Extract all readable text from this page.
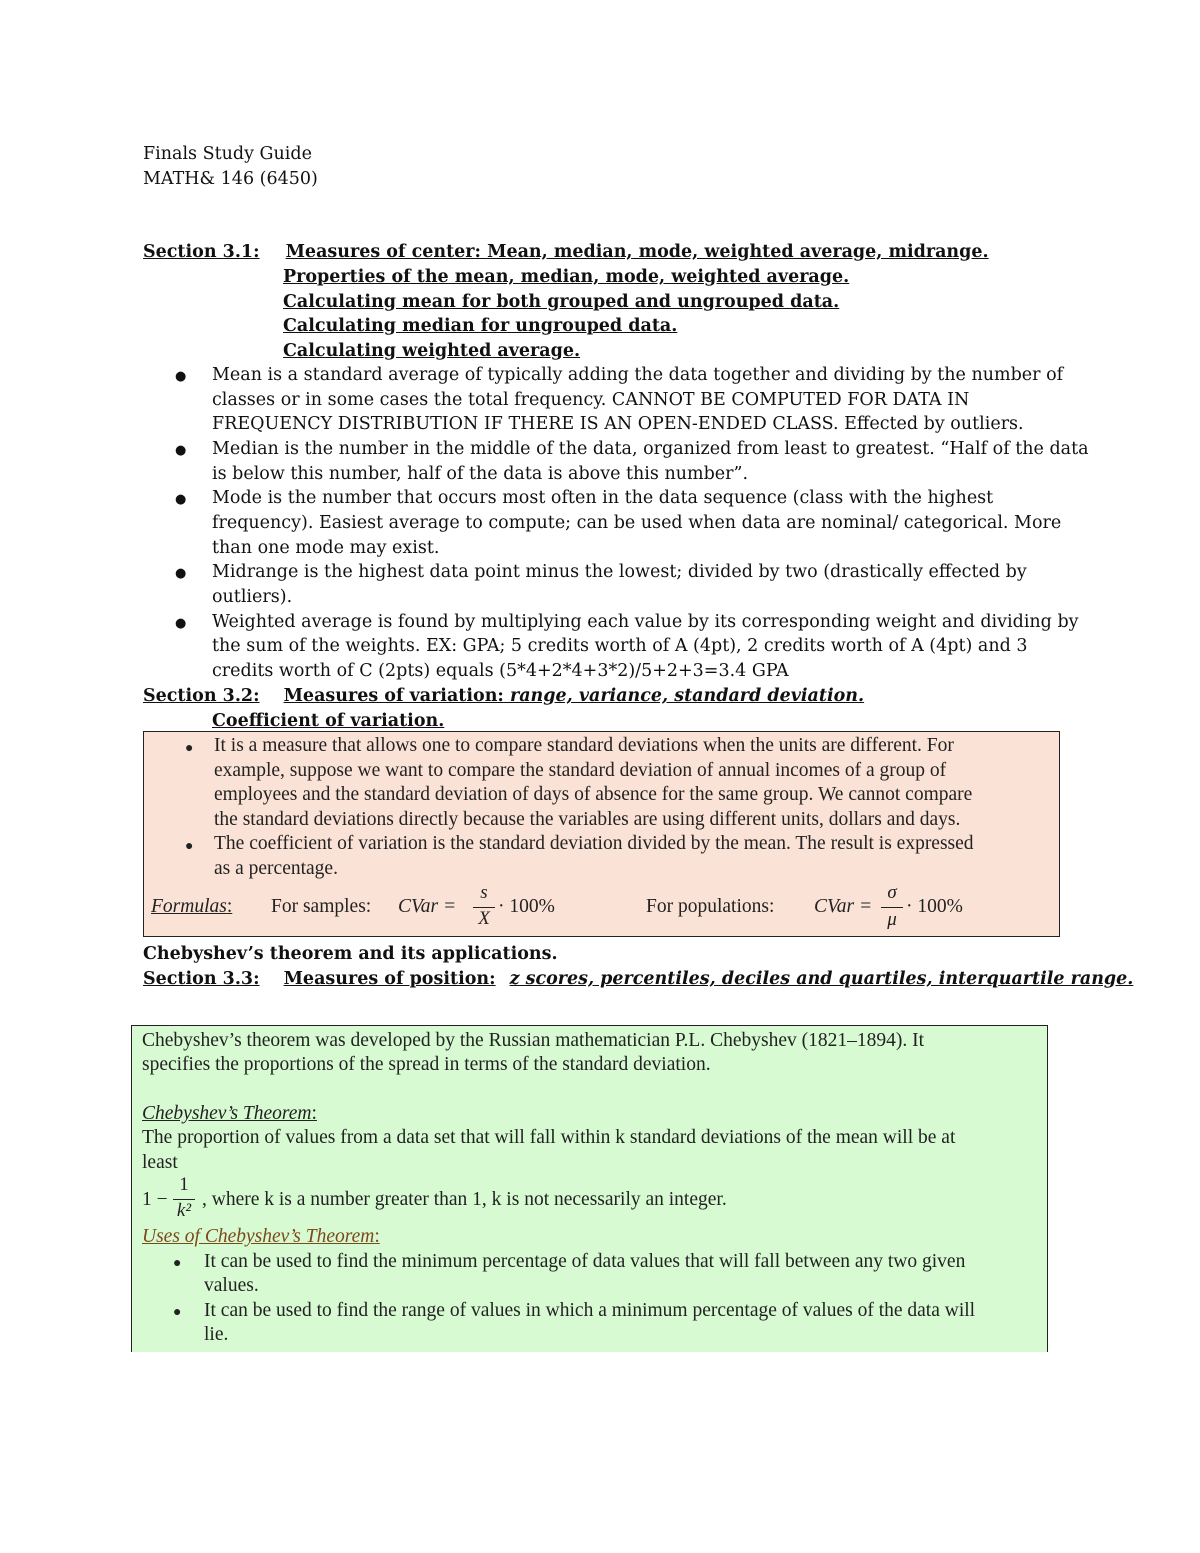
Finals Study Guide
MATH& 146 (6450)
Section 3.1: Measures of center: Mean, median, mode, weighted average, midrange.
Properties of the mean, median, mode, weighted average.
Calculating mean for both grouped and ungrouped data.
Calculating median for ungrouped data.
Calculating weighted average.
● Mean is a standard average of typically adding the data together and dividing by the number of
classes or in some cases the total frequency. CANNOT BE COMPUTED FOR DATA IN
FREQUENCY DISTRIBUTION IF THERE IS AN OPEN-ENDED CLASS. Effected by outliers.
● Median is the number in the middle of the data, organized from least to greatest. “Half of the data
is below this number, half of the data is above this number”.
● Mode is the number that occurs most often in the data sequence (class with the highest
frequency). Easiest average to compute; can be used when data are nominal/ categorical. More
than one mode may exist.
● Midrange is the highest data point minus the lowest; divided by two (drastically effected by
outliers).
● Weighted average is found by multiplying each value by its corresponding weight and dividing by
the sum of the weights. EX: GPA; 5 credits worth of A (4pt), 2 credits worth of A (4pt) and 3
credits worth of C (2pts) equals (5*4+2*4+3*2)/5+2+3=3.4 GPA
Section 3.2: Measures of variation: range, variance, standard deviation.
Coefficient of variation.
● It is a measure that allows one to compare standard deviations when the units are different. For
example, suppose we want to compare the standard deviation of annual incomes of a group of
employees and the standard deviation of days of absence for the same group. We cannot compare
the standard deviations directly because the variables are using different units, dollars and days.
● The coefficient of variation is the standard deviation divided by the mean. The result is expressed
as a percentage.
Formulas: For samples: CVar =
s
$\overline{X}$
· 100%	For populations: CVar =
σ
μ
· 100%
Chebyshev’s theorem and its applications.
Section 3.3: Measures of position: z scores, percentiles, deciles and quartiles, interquartile range.
Chebyshev’s theorem was developed by the Russian mathematician P.L. Chebyshev (1821–1894). It
specifies the proportions of the spread in terms of the standard deviation.
Chebyshev’s Theorem:
The proportion of values from a data set that will fall within k standard deviations of the mean will be at
least
1 −
1
k²
, where k is a number greater than 1, k is not necessarily an integer.
Uses of Chebyshev’s Theorem:
● It can be used to find the minimum percentage of data values that will fall between any two given
values.
● It can be used to find the range of values in which a minimum percentage of values of the data will
lie.
